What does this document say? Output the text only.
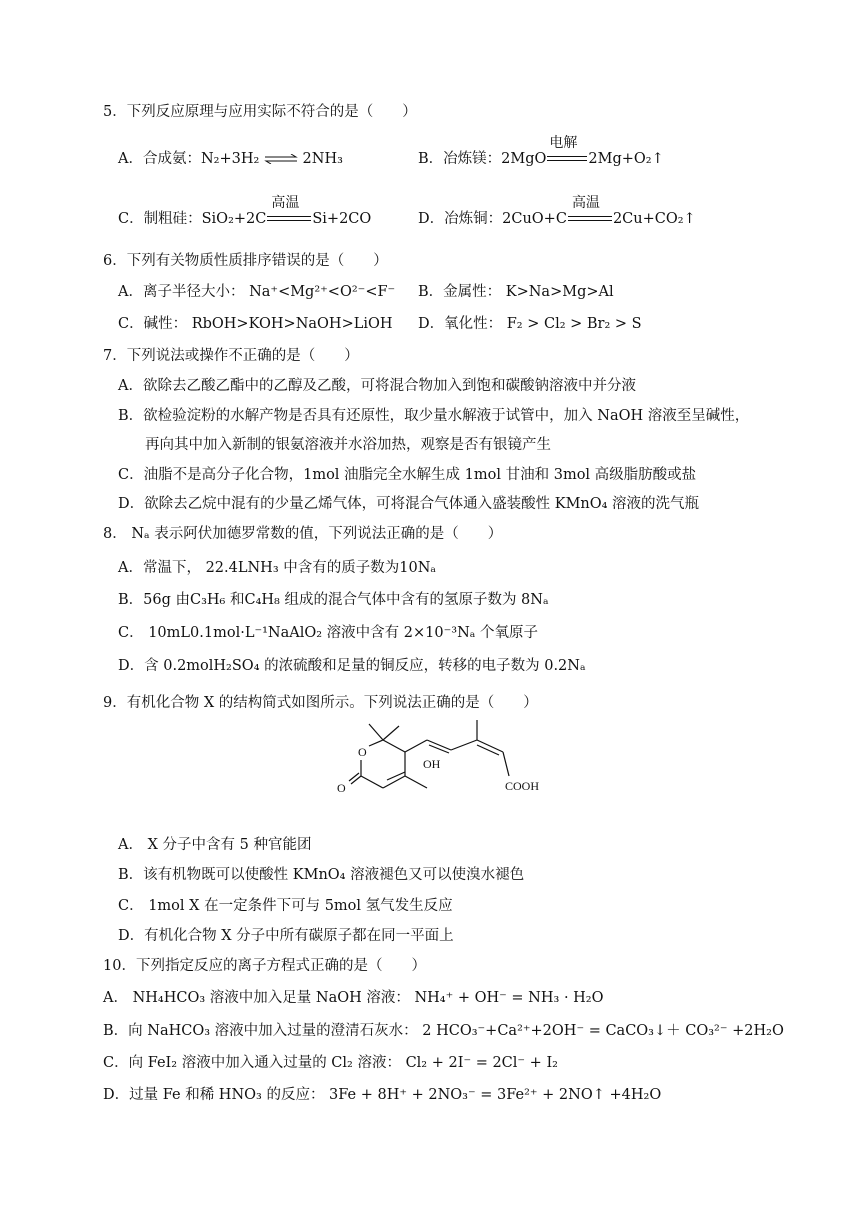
5．下列反应原理与应用实际不符合的是（　　）
A．合成氨：N₂+3H₂ ⇌ 2NH₃	B．冶炼镁：2MgO
电解
2Mg+O₂↑
C．制粗硅：SiO₂+2C
高温
Si+2CO	D．冶炼铜：2CuO+C
高温
2Cu+CO₂↑
6．下列有关物质性质排序错误的是（　　）
A．离子半径大小： Na⁺<Mg²⁺<O²⁻<F⁻ B．金属性： K>Na>Mg>Al
C．碱性： RbOH>KOH>NaOH>LiOH D．氧化性： F₂ > Cl₂ > Br₂ > S
7．下列说法或操作不正确的是（　　）
A．欲除去乙酸乙酯中的乙醇及乙酸，可将混合物加入到饱和碳酸钠溶液中并分液
B．欲检验淀粉的水解产物是否具有还原性，取少量水解液于试管中，加入 NaOH 溶液至呈碱性，
再向其中加入新制的银氨溶液并水浴加热，观察是否有银镜产生
C．油脂不是高分子化合物，1mol 油脂完全水解生成 1mol 甘油和 3mol 高级脂肪酸或盐
D．欲除去乙烷中混有的少量乙烯气体，可将混合气体通入盛装酸性 KMnO₄ 溶液的洗气瓶
8． Nₐ 表示阿伏加德罗常数的值，下列说法正确的是（　　）
A．常温下， 22.4LNH₃ 中含有的质子数为10Nₐ
B．56g 由C₃H₆ 和C₄H₈ 组成的混合气体中含有的氢原子数为 8Nₐ
C． 10mL0.1mol·L⁻¹NaAlO₂ 溶液中含有 2×10⁻³Nₐ 个氧原子
D．含 0.2molH₂SO₄ 的浓硫酸和足量的铜反应，转移的电子数为 0.2Nₐ
9．有机化合物 X 的结构简式如图所示。下列说法正确的是（　　）
O
O
OH
COOH
A． X 分子中含有 5 种官能团
B．该有机物既可以使酸性 KMnO₄ 溶液褪色又可以使溴水褪色
C． 1mol X 在一定条件下可与 5mol 氢气发生反应
D．有机化合物 X 分子中所有碳原子都在同一平面上
10．下列指定反应的离子方程式正确的是（　　）
A． NH₄HCO₃ 溶液中加入足量 NaOH 溶液： NH₄⁺ + OH⁻ = NH₃ · H₂O
B．向 NaHCO₃ 溶液中加入过量的澄清石灰水： 2 HCO₃⁻+Ca²⁺+2OH⁻ = CaCO₃↓＋ CO₃²⁻ +2H₂O
C．向 FeI₂ 溶液中加入通入过量的 Cl₂ 溶液： Cl₂ + 2I⁻ = 2Cl⁻ + I₂
D．过量 Fe 和稀 HNO₃ 的反应： 3Fe + 8H⁺ + 2NO₃⁻ = 3Fe²⁺ + 2NO↑ +4H₂O
